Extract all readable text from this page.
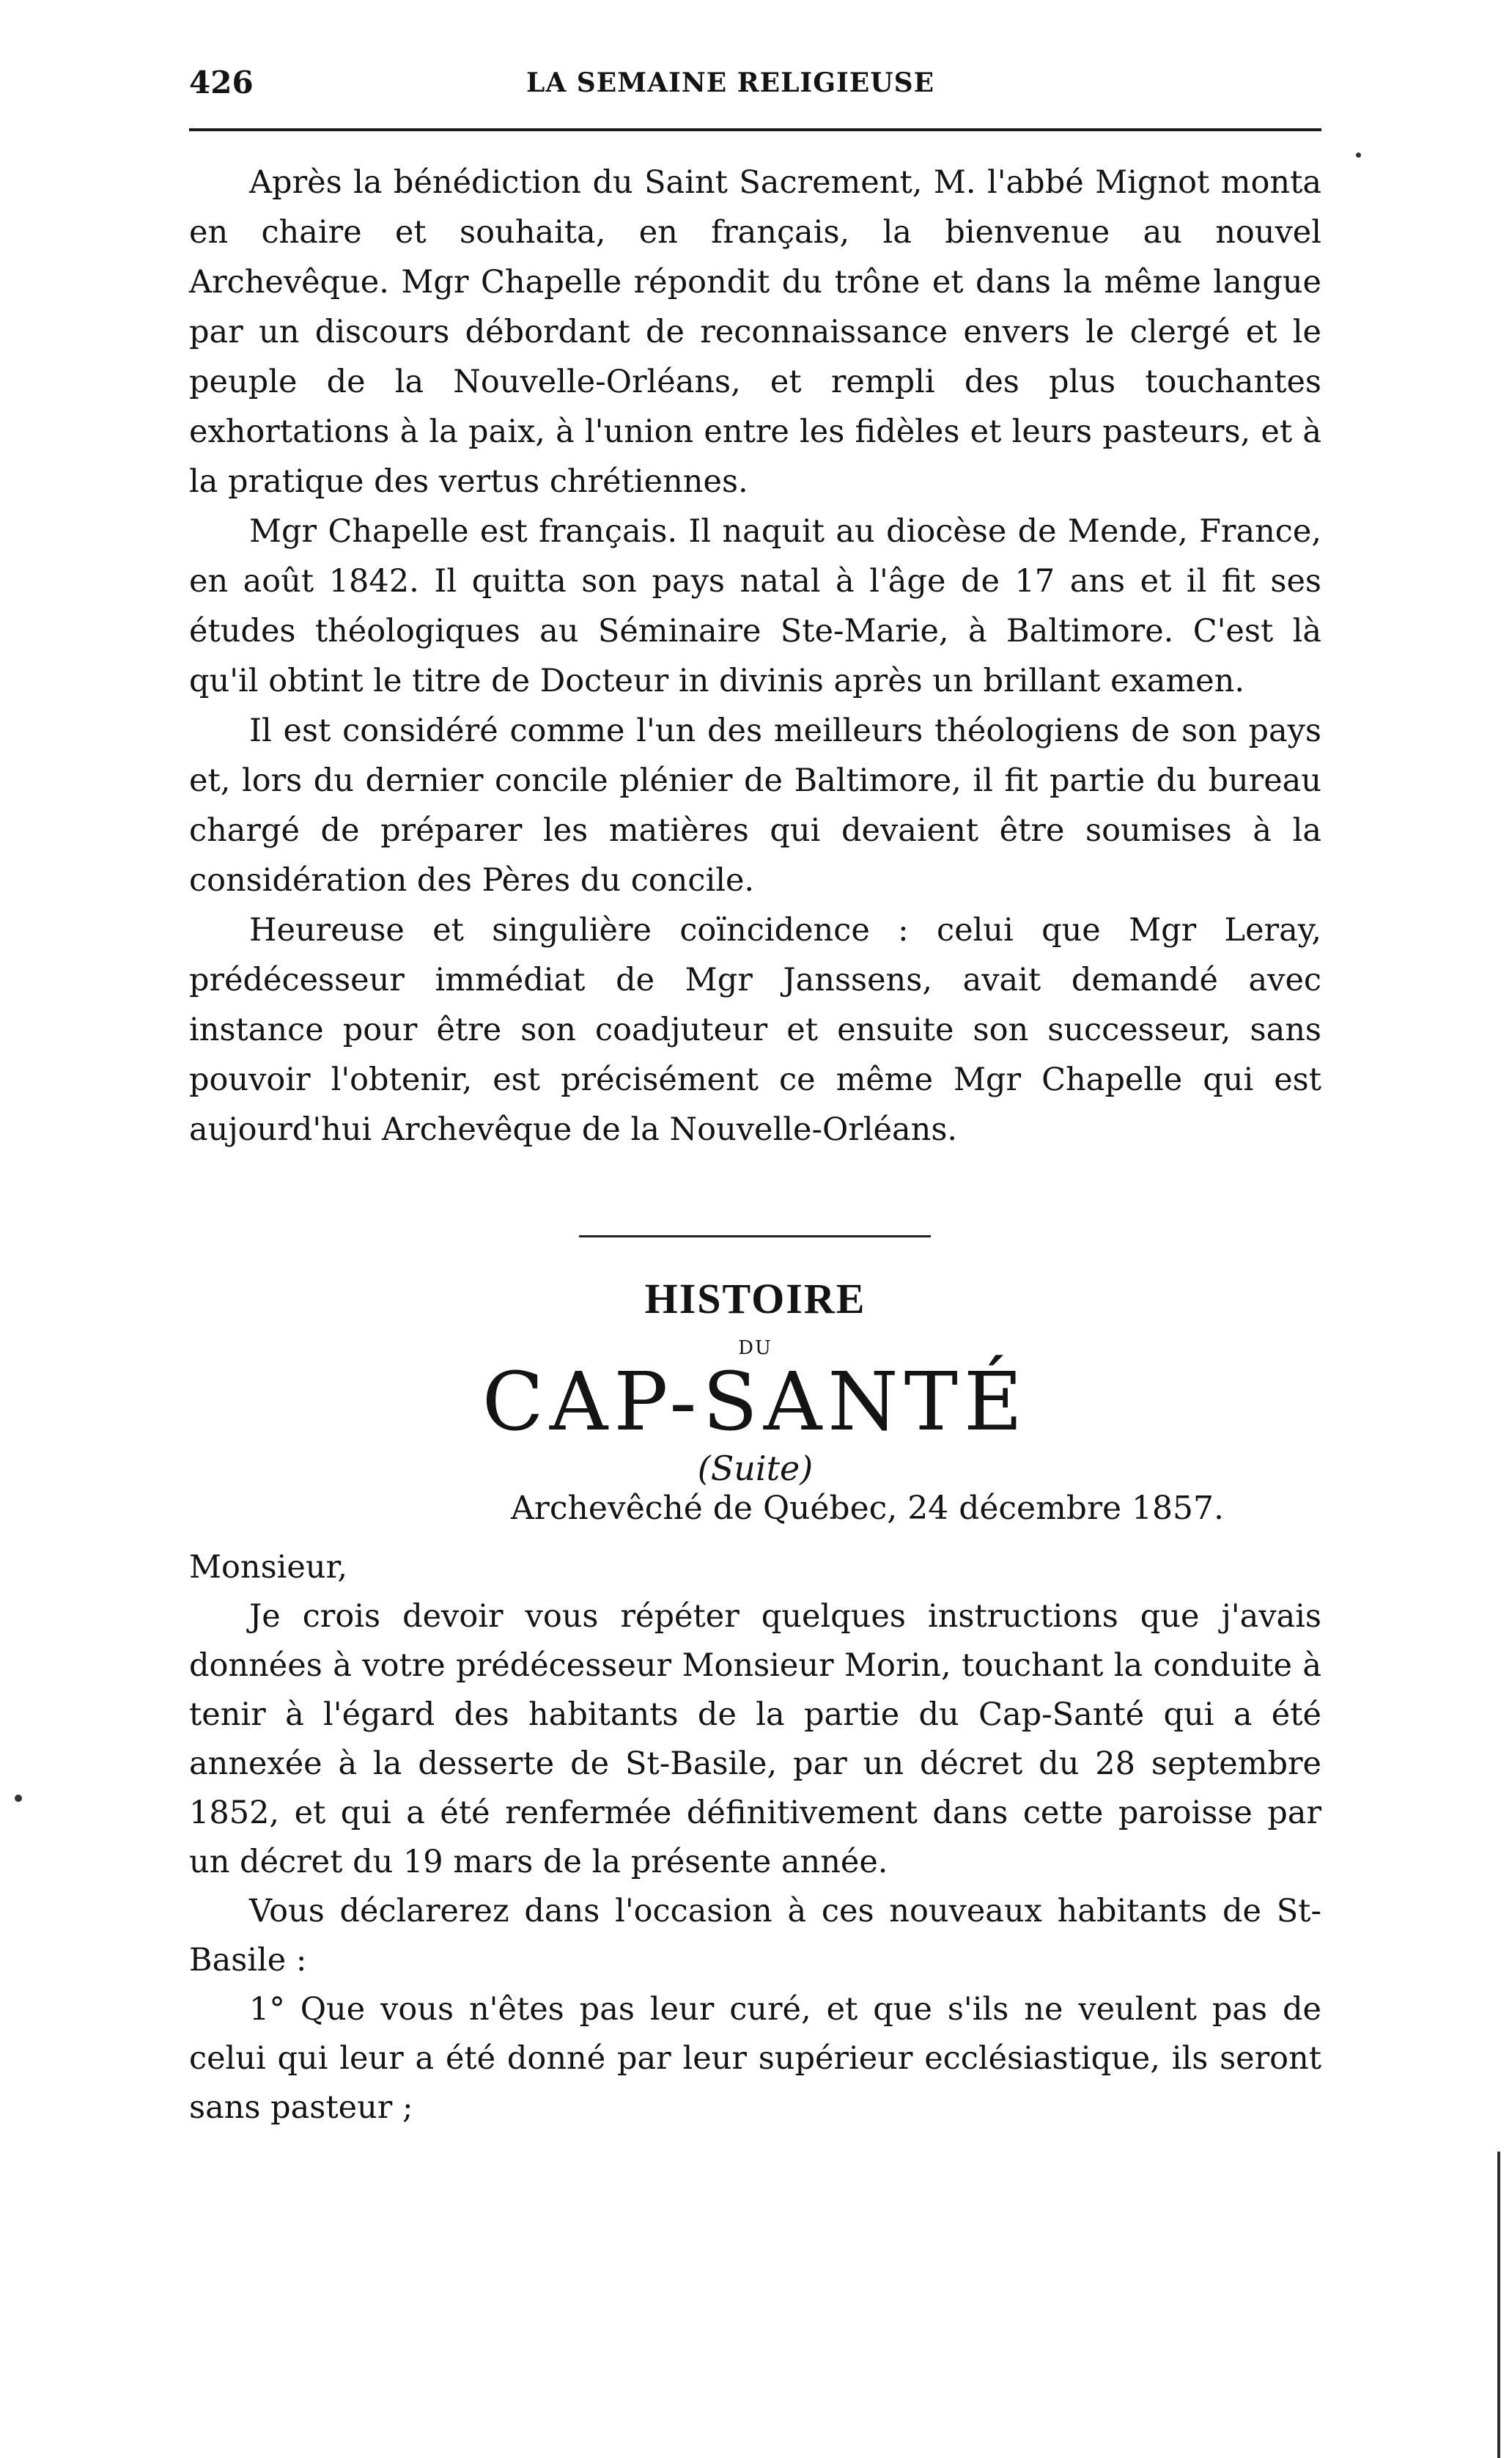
426	LA SEMAINE RELIGIEUSE

Après la bénédiction du Saint Sacrement, M. l'abbé Mignot monta en chaire et souhaita, en français, la bienvenue au nouvel Archevêque. Mgr Chapelle répondit du trône et dans la même langue par un discours débordant de reconnaissance envers le clergé et le peuple de la Nouvelle-Orléans, et rempli des plus touchantes exhortations à la paix, à l'union entre les fidèles et leurs pasteurs, et à la pratique des vertus chrétiennes.

Mgr Chapelle est français. Il naquit au diocèse de Mende, France, en août 1842. Il quitta son pays natal à l'âge de 17 ans et il fit ses études théologiques au Séminaire Ste-Marie, à Baltimore. C'est là qu'il obtint le titre de Docteur in divinis après un brillant examen.

Il est considéré comme l'un des meilleurs théologiens de son pays et, lors du dernier concile plénier de Baltimore, il fit partie du bureau chargé de préparer les matières qui devaient être soumises à la considération des Pères du concile.

Heureuse et singulière coïncidence : celui que Mgr Leray, prédécesseur immédiat de Mgr Janssens, avait demandé avec instance pour être son coadjuteur et ensuite son successeur, sans pouvoir l'obtenir, est précisément ce même Mgr Chapelle qui est aujourd'hui Archevêque de la Nouvelle-Orléans.

HISTOIRE
DU
CAP-SANTÉ
(Suite)
Archevêché de Québec, 24 décembre 1857.

Monsieur,

Je crois devoir vous répéter quelques instructions que j'avais données à votre prédécesseur Monsieur Morin, touchant la conduite à tenir à l'égard des habitants de la partie du Cap-Santé qui a été annexée à la desserte de St-Basile, par un décret du 28 septembre 1852, et qui a été renfermée définitivement dans cette paroisse par un décret du 19 mars de la présente année.

Vous déclarerez dans l'occasion à ces nouveaux habitants de St-Basile :

1° Que vous n'êtes pas leur curé, et que s'ils ne veulent pas de celui qui leur a été donné par leur supérieur ecclésiastique, ils seront sans pasteur ;
